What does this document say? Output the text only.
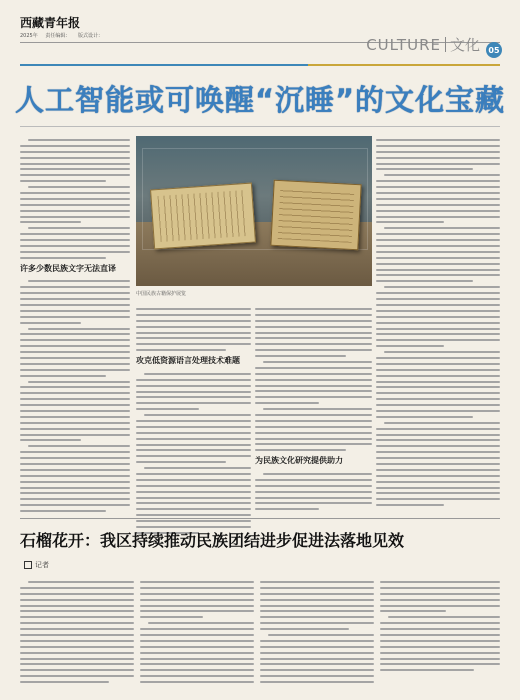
西藏青年报
2025年 责任编辑： 版式设计：	CULTURE 文化	05
人工智能或可唤醒“沉睡”的文化宝藏
许多少数民族文字无法直译
中国民族古籍保护展览
攻克低资源语言处理技术难题
为民族文化研究提供助力
石榴花开：我区持续推动民族团结进步促进法落地见效
记者
